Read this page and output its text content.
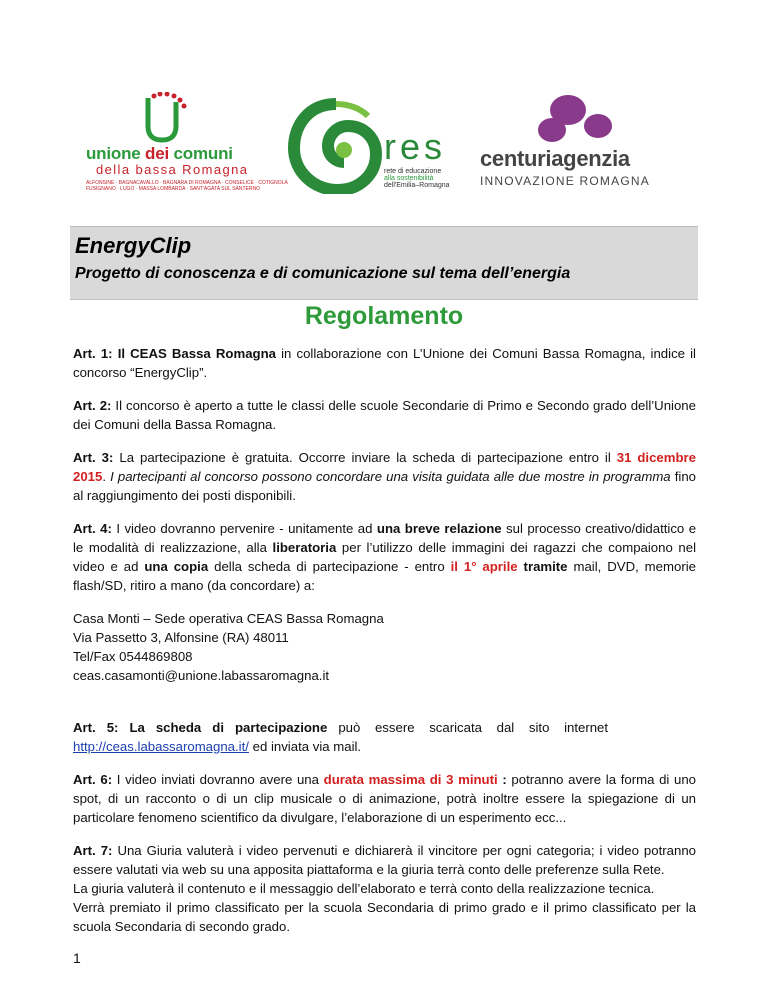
unione dei comuni
della bassa Romagna
ALFONSINE · BAGNACAVALLO · BAGNARA DI ROMAGNA · CONSELICE · COTIGNOLA
FUSIGNANO · LUGO · MASSA LOMBARDA · SANT'AGATA SUL SANTERNO
res
rete di educazione
alla sostenibilità
dell'Emilia–Romagna
centuriagenzia
INNOVAZIONE ROMAGNA
EnergyClip
Progetto di conoscenza e di comunicazione sul tema dell’energia
Regolamento

Art. 1: Il CEAS Bassa Romagna in collaborazione con L’Unione dei Comuni Bassa Romagna, indice il concorso “EnergyClip”.

Art. 2: Il concorso è aperto a tutte le classi delle scuole Secondarie di Primo e Secondo grado dell’Unione dei Comuni della Bassa Romagna.

Art. 3: La partecipazione è gratuita. Occorre inviare la scheda di partecipazione entro il 31 dicembre 2015. I partecipanti al concorso possono concordare una visita guidata alle due mostre in programma fino al raggiungimento dei posti disponibili.

Art. 4: I video dovranno pervenire - unitamente ad una breve relazione sul processo creativo/didattico e le modalità di realizzazione, alla liberatoria per l’utilizzo delle immagini dei ragazzi che compaiono nel video e ad una copia della scheda di partecipazione - entro il 1° aprile tramite mail, DVD, memorie flash/SD, ritiro a mano (da concordare) a:

Casa Monti – Sede operativa CEAS Bassa Romagna

Via Passetto 3, Alfonsine (RA) 48011

Tel/Fax 0544869808

ceas.casamonti@unione.labassaromagna.it

Art.   5: La   scheda   di   partecipazione può    essere    scaricata    dal    sito    internet
http://ceas.labassaromagna.it/ ed inviata via mail.

Art. 6: I video inviati dovranno avere una durata massima di 3 minuti : potranno avere la forma di uno spot, di un racconto o di un clip musicale o di animazione, potrà inoltre essere la spiegazione di un particolare fenomeno scientifico da divulgare, l’elaborazione di un esperimento ecc...

Art. 7: Una Giuria valuterà i video pervenuti e dichiarerà il vincitore per ogni categoria; i video potranno essere valutati via web su una apposita piattaforma e la giuria terrà conto delle preferenze sulla Rete.
La giuria valuterà il contenuto e il messaggio dell’elaborato e terrà conto della realizzazione tecnica.
Verrà premiato il primo classificato per la scuola Secondaria di primo grado e il primo classificato per la scuola Secondaria di secondo grado.

1
